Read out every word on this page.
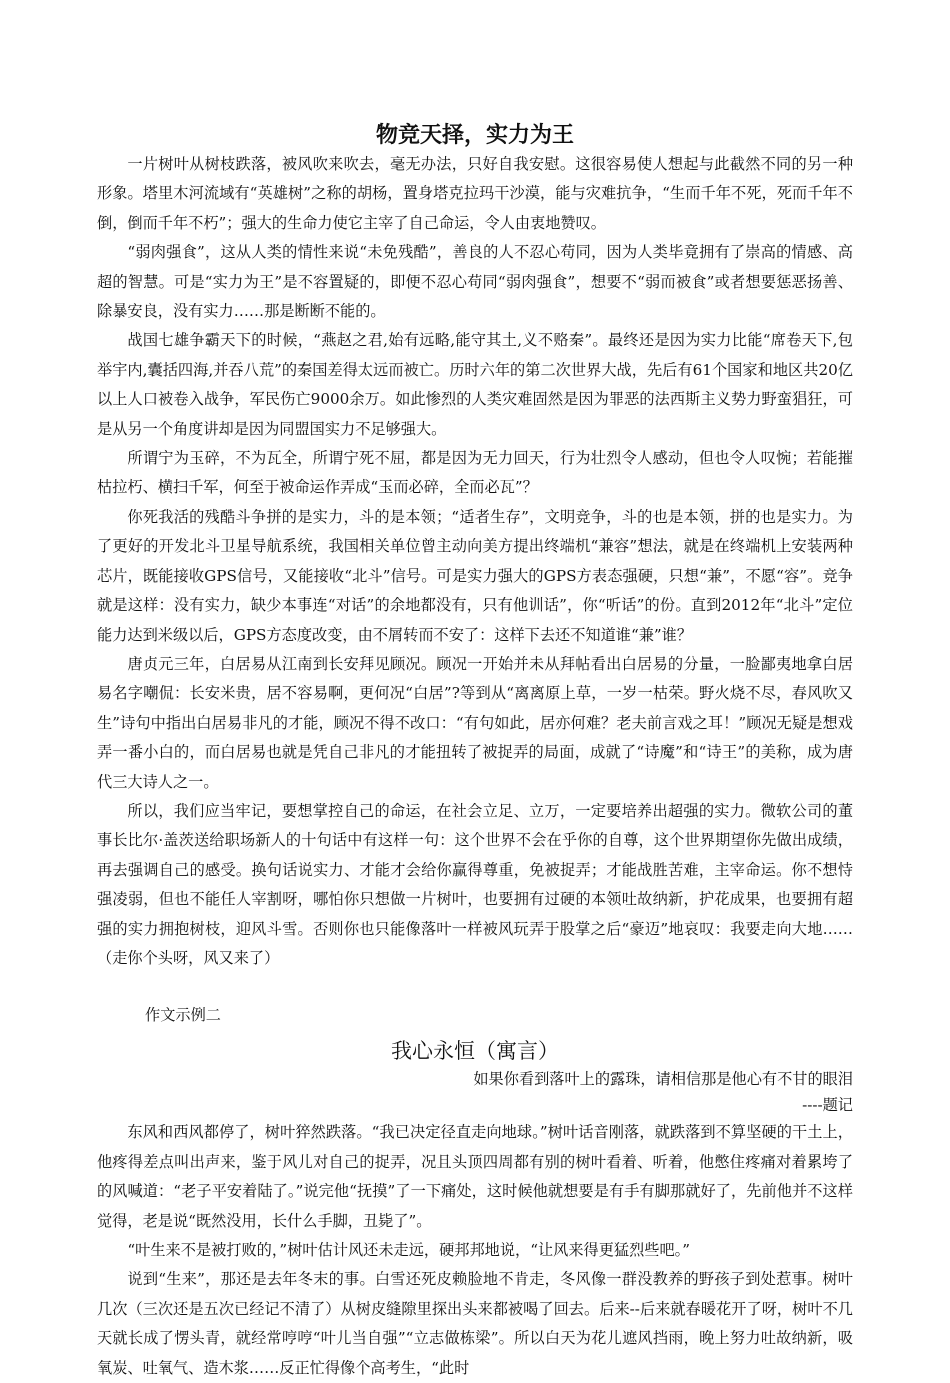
物竞天择，实力为王

一片树叶从树枝跌落，被风吹来吹去，毫无办法，只好自我安慰。这很容易使人想起与此截然不同的另一种形象。塔里木河流域有“英雄树”之称的胡杨，置身塔克拉玛干沙漠，能与灾难抗争，“生而千年不死，死而千年不倒，倒而千年不朽”；强大的生命力使它主宰了自己命运，令人由衷地赞叹。

“弱肉强食”，这从人类的情性来说“未免残酷”，善良的人不忍心苟同，因为人类毕竟拥有了崇高的情感、高超的智慧。可是“实力为王”是不容置疑的，即便不忍心苟同“弱肉强食”，想要不“弱而被食”或者想要惩恶扬善、除暴安良，没有实力……那是断断不能的。

战国七雄争霸天下的时候，“燕赵之君,始有远略,能守其土,义不赂秦”。最终还是因为实力比能“席卷天下,包举宇内,囊括四海,并吞八荒”的秦国差得太远而被亡。历时六年的第二次世界大战，先后有61个国家和地区共20亿以上人口被卷入战争，军民伤亡9000余万。如此惨烈的人类灾难固然是因为罪恶的法西斯主义势力野蛮猖狂，可是从另一个角度讲却是因为同盟国实力不足够强大。

所谓宁为玉碎，不为瓦全，所谓宁死不屈，都是因为无力回天，行为壮烈令人感动，但也令人叹惋；若能摧枯拉朽、横扫千军，何至于被命运作弄成“玉而必碎，全而必瓦”？

你死我活的残酷斗争拼的是实力，斗的是本领；“适者生存”，文明竞争，斗的也是本领，拼的也是实力。为了更好的开发北斗卫星导航系统，我国相关单位曾主动向美方提出终端机“兼容”想法，就是在终端机上安装两种芯片，既能接收GPS信号，又能接收“北斗”信号。可是实力强大的GPS方表态强硬，只想“兼”，不愿“容”。竞争就是这样：没有实力，缺少本事连“对话”的余地都没有，只有他训话”，你“听话”的份。直到2012年“北斗”定位能力达到米级以后，GPS方态度改变，由不屑转而不安了：这样下去还不知道谁“兼”谁？

唐贞元三年，白居易从江南到长安拜见顾况。顾况一开始并未从拜帖看出白居易的分量，一脸鄙夷地拿白居易名字嘲侃：长安米贵，居不容易啊，更何况“白居”?等到从“离离原上草，一岁一枯荣。野火烧不尽，春风吹又生”诗句中指出白居易非凡的才能，顾况不得不改口：“有句如此，居亦何难？老夫前言戏之耳！”顾况无疑是想戏弄一番小白的，而白居易也就是凭自己非凡的才能扭转了被捉弄的局面，成就了“诗魔”和“诗王”的美称，成为唐代三大诗人之一。

所以，我们应当牢记，要想掌控自己的命运，在社会立足、立万，一定要培养出超强的实力。微软公司的董事长比尔·盖茨送给职场新人的十句话中有这样一句：这个世界不会在乎你的自尊，这个世界期望你先做出成绩，再去强调自己的感受。换句话说实力、才能才会给你赢得尊重，免被捉弄；才能战胜苦难，主宰命运。你不想恃强凌弱，但也不能任人宰割呀，哪怕你只想做一片树叶，也要拥有过硬的本领吐故纳新，护花成果，也要拥有超强的实力拥抱树枝，迎风斗雪。否则你也只能像落叶一样被风玩弄于股掌之后“豪迈”地哀叹：我要走向大地……（走你个头呀，风又来了）

作文示例二

我心永恒（寓言）

如果你看到落叶上的露珠，请相信那是他心有不甘的眼泪

----题记

东风和西风都停了，树叶猝然跌落。“我已决定径直走向地球。”树叶话音刚落，就跌落到不算坚硬的干土上，他疼得差点叫出声来，鉴于风儿对自己的捉弄，况且头顶四周都有别的树叶看着、听着，他憋住疼痛对着累垮了的风喊道：“老子平安着陆了。”说完他“抚摸”了一下痛处，这时候他就想要是有手有脚那就好了，先前他并不这样觉得，老是说“既然没用，长什么手脚，丑毙了”。

“叶生来不是被打败的，”树叶估计风还未走远，硬邦邦地说，“让风来得更猛烈些吧。”

说到“生来”，那还是去年冬末的事。白雪还死皮赖脸地不肯走，冬风像一群没教养的野孩子到处惹事。树叶几次（三次还是五次已经记不清了）从树皮缝隙里探出头来都被喝了回去。后来--后来就春暖花开了呀，树叶不几天就长成了愣头青，就经常哼哼“叶儿当自强”“立志做栋梁”。所以白天为花儿遮风挡雨，晚上努力吐故纳新，吸氧炭、吐氧气、造木浆……反正忙得像个高考生，“此时
